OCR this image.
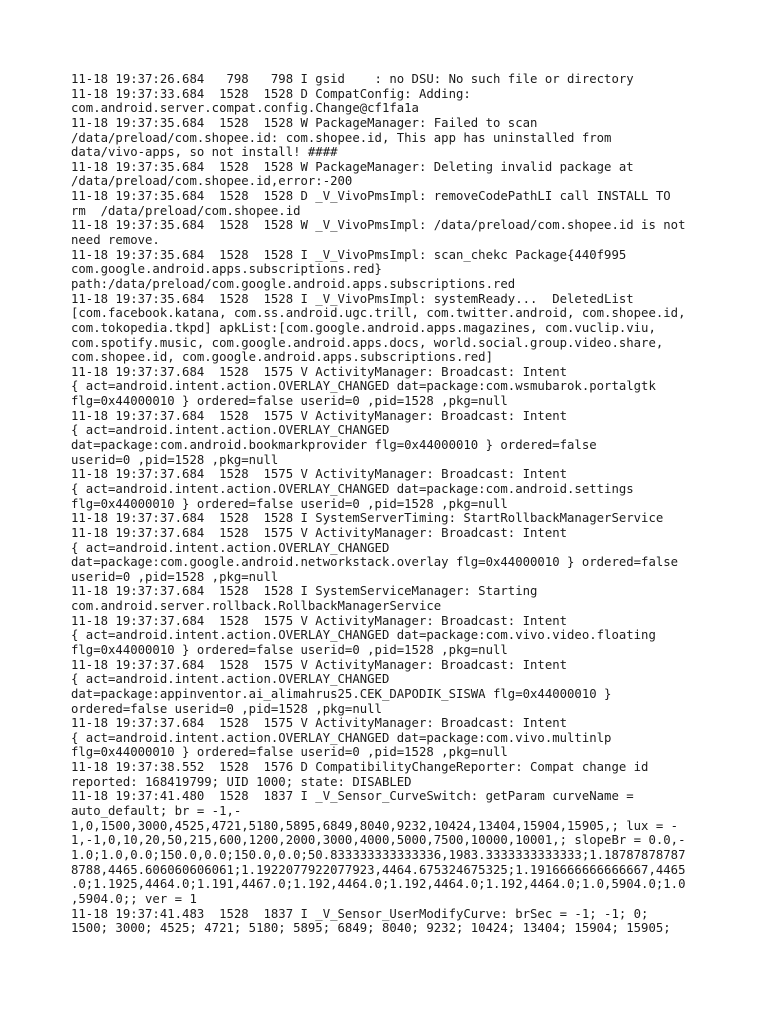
11-18 19:37:26.684   798   798 I gsid    : no DSU: No such file or directory
11-18 19:37:33.684  1528  1528 D CompatConfig: Adding:
com.android.server.compat.config.Change@cf1fa1a
11-18 19:37:35.684  1528  1528 W PackageManager: Failed to scan
/data/preload/com.shopee.id: com.shopee.id, This app has uninstalled from
data/vivo-apps, so not install! ####
11-18 19:37:35.684  1528  1528 W PackageManager: Deleting invalid package at
/data/preload/com.shopee.id,error:-200
11-18 19:37:35.684  1528  1528 D _V_VivoPmsImpl: removeCodePathLI call INSTALL TO
rm  /data/preload/com.shopee.id
11-18 19:37:35.684  1528  1528 W _V_VivoPmsImpl: /data/preload/com.shopee.id is not
need remove.
11-18 19:37:35.684  1528  1528 I _V_VivoPmsImpl: scan_chekc Package{440f995
com.google.android.apps.subscriptions.red}
path:/data/preload/com.google.android.apps.subscriptions.red
11-18 19:37:35.684  1528  1528 I _V_VivoPmsImpl: systemReady...  DeletedList
[com.facebook.katana, com.ss.android.ugc.trill, com.twitter.android, com.shopee.id,
com.tokopedia.tkpd] apkList:[com.google.android.apps.magazines, com.vuclip.viu,
com.spotify.music, com.google.android.apps.docs, world.social.group.video.share,
com.shopee.id, com.google.android.apps.subscriptions.red]
11-18 19:37:37.684  1528  1575 V ActivityManager: Broadcast: Intent
{ act=android.intent.action.OVERLAY_CHANGED dat=package:com.wsmubarok.portalgtk
flg=0x44000010 } ordered=false userid=0 ,pid=1528 ,pkg=null
11-18 19:37:37.684  1528  1575 V ActivityManager: Broadcast: Intent
{ act=android.intent.action.OVERLAY_CHANGED
dat=package:com.android.bookmarkprovider flg=0x44000010 } ordered=false
userid=0 ,pid=1528 ,pkg=null
11-18 19:37:37.684  1528  1575 V ActivityManager: Broadcast: Intent
{ act=android.intent.action.OVERLAY_CHANGED dat=package:com.android.settings
flg=0x44000010 } ordered=false userid=0 ,pid=1528 ,pkg=null
11-18 19:37:37.684  1528  1528 I SystemServerTiming: StartRollbackManagerService
11-18 19:37:37.684  1528  1575 V ActivityManager: Broadcast: Intent
{ act=android.intent.action.OVERLAY_CHANGED
dat=package:com.google.android.networkstack.overlay flg=0x44000010 } ordered=false
userid=0 ,pid=1528 ,pkg=null
11-18 19:37:37.684  1528  1528 I SystemServiceManager: Starting
com.android.server.rollback.RollbackManagerService
11-18 19:37:37.684  1528  1575 V ActivityManager: Broadcast: Intent
{ act=android.intent.action.OVERLAY_CHANGED dat=package:com.vivo.video.floating
flg=0x44000010 } ordered=false userid=0 ,pid=1528 ,pkg=null
11-18 19:37:37.684  1528  1575 V ActivityManager: Broadcast: Intent
{ act=android.intent.action.OVERLAY_CHANGED
dat=package:appinventor.ai_alimahrus25.CEK_DAPODIK_SISWA flg=0x44000010 }
ordered=false userid=0 ,pid=1528 ,pkg=null
11-18 19:37:37.684  1528  1575 V ActivityManager: Broadcast: Intent
{ act=android.intent.action.OVERLAY_CHANGED dat=package:com.vivo.multinlp
flg=0x44000010 } ordered=false userid=0 ,pid=1528 ,pkg=null
11-18 19:37:38.552  1528  1576 D CompatibilityChangeReporter: Compat change id
reported: 168419799; UID 1000; state: DISABLED
11-18 19:37:41.480  1528  1837 I _V_Sensor_CurveSwitch: getParam curveName =
auto_default; br = -1,-
1,0,1500,3000,4525,4721,5180,5895,6849,8040,9232,10424,13404,15904,15905,; lux = -
1,-1,0,10,20,50,215,600,1200,2000,3000,4000,5000,7500,10000,10001,; slopeBr = 0.0,-
1.0;1.0,0.0;150.0,0.0;150.0,0.0;50.833333333333336,1983.3333333333333;1.18787878787
8788,4465.606060606061;1.1922077922077923,4464.675324675325;1.1916666666666667,4465
.0;1.1925,4464.0;1.191,4467.0;1.192,4464.0;1.192,4464.0;1.192,4464.0;1.0,5904.0;1.0
,5904.0;; ver = 1
11-18 19:37:41.483  1528  1837 I _V_Sensor_UserModifyCurve: brSec = -1; -1; 0;
1500; 3000; 4525; 4721; 5180; 5895; 6849; 8040; 9232; 10424; 13404; 15904; 15905;
